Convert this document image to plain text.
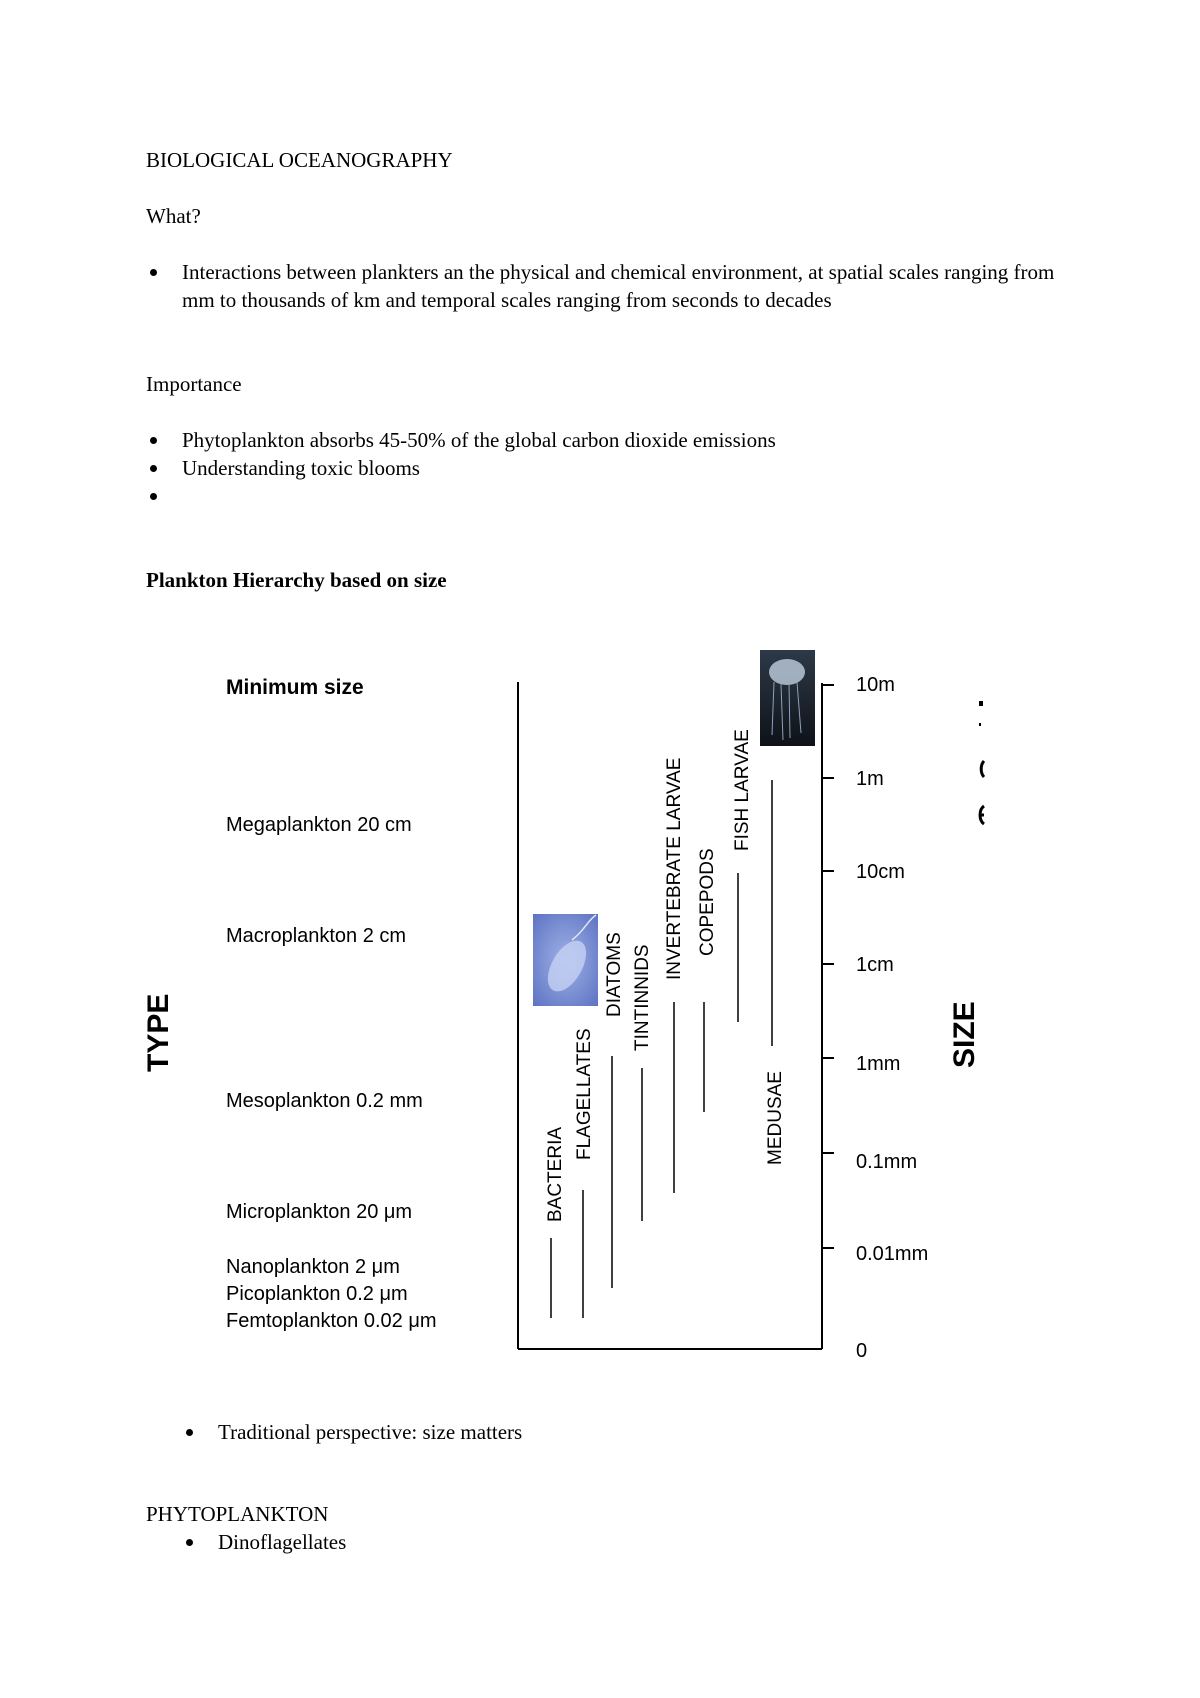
BIOLOGICAL OCEANOGRAPHY
What?
Interactions between plankters an the physical and chemical environment, at spatial scales ranging from mm to thousands of km and temporal scales ranging from seconds to decades
Importance
Phytoplankton absorbs 45-50% of the global carbon dioxide emissions
Understanding toxic blooms
Plankton Hierarchy based on size
Minimum size
TYPE	SIZE
Megaplankton 20 cm
Macroplankton 2 cm
Mesoplankton 0.2 mm
Microplankton 20 μm
Nanoplankton 2 μm
Picoplankton 0.2 μm
Femtoplankton 0.02 μm
BACTERIA
FLAGELLATES
DIATOMS TINTINNIDS
INVERTEBRATE LARVAE COPEPODS
FISH LARVAE
MEDUSAE
10m
1m
10cm
1cm
1mm
0.1mm
0.01mm
0
Traditional perspective: size matters
PHYTOPLANKTON
Dinoflagellates
